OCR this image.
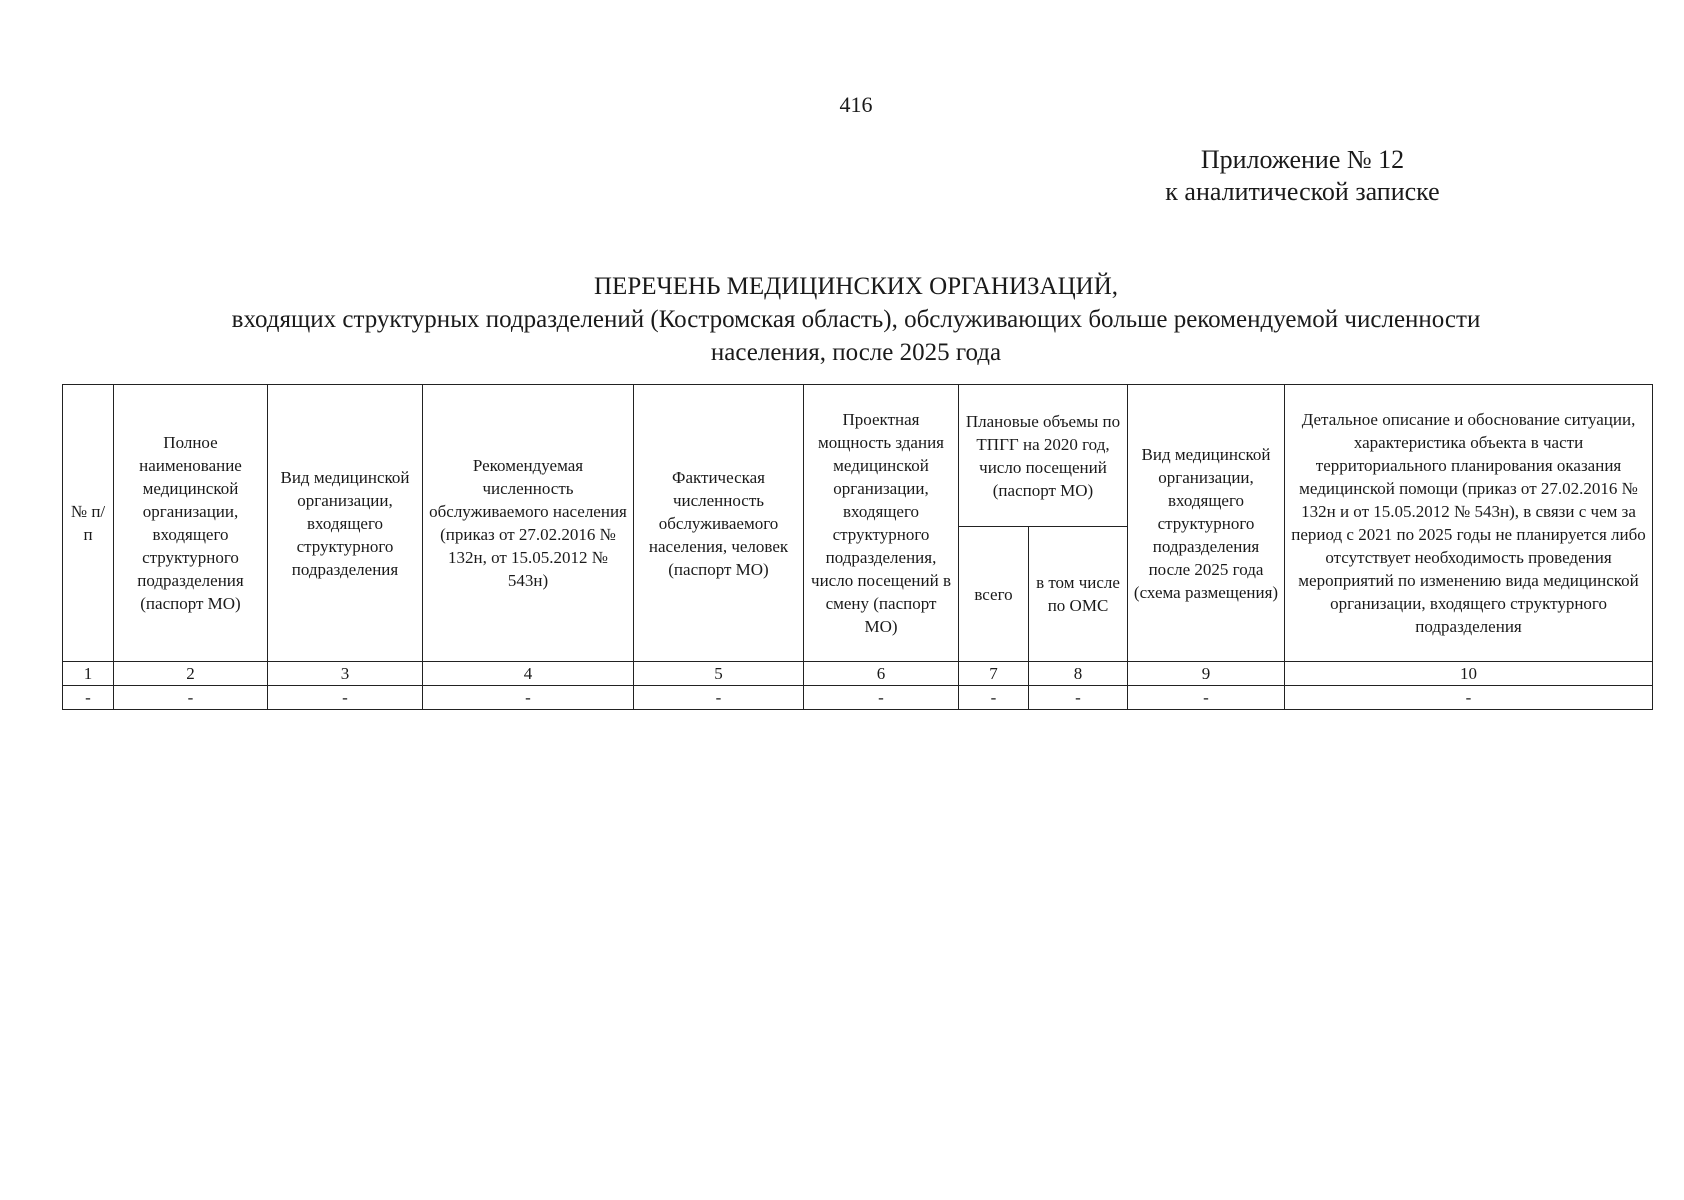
416
Приложение № 12
к аналитической записке
ПЕРЕЧЕНЬ МЕДИЦИНСКИХ ОРГАНИЗАЦИЙ,
входящих структурных подразделений (Костромская область), обслуживающих больше рекомендуемой численности
населения, после 2025 года
№ п/п	Полное наименование медицинской организации, входящего структурного подразделения (паспорт МО)	Вид медицинской организации, входящего структурного подразделения	Рекомендуемая численность обслуживаемого населения (приказ от 27.02.2016 № 132н, от 15.05.2012 № 543н)	Фактическая численность обслуживаемого населения, человек (паспорт МО)	Проектная мощность здания медицинской организации, входящего структурного подразделения, число посещений в смену (паспорт МО)	Плановые объемы по ТПГГ на 2020 год, число посещений (паспорт МО)		Вид медицинской организации, входящего структурного подразделения после 2025 года (схема размещения)	Детальное описание и обоснование ситуации, характеристика объекта в части территориального планирования оказания медицинской помощи (приказ от 27.02.2016 № 132н и от 15.05.2012 № 543н), в связи с чем за период с 2021 по 2025 годы не планируется либо отсутствует необходимость проведения мероприятий по изменению вида медицинской организации, входящего структурного подразделения
						всего	в том числе по ОМС		
1	2	3	4	5	6	7	8	9	10
-	-	-	-	-	-	-	-	-	-
